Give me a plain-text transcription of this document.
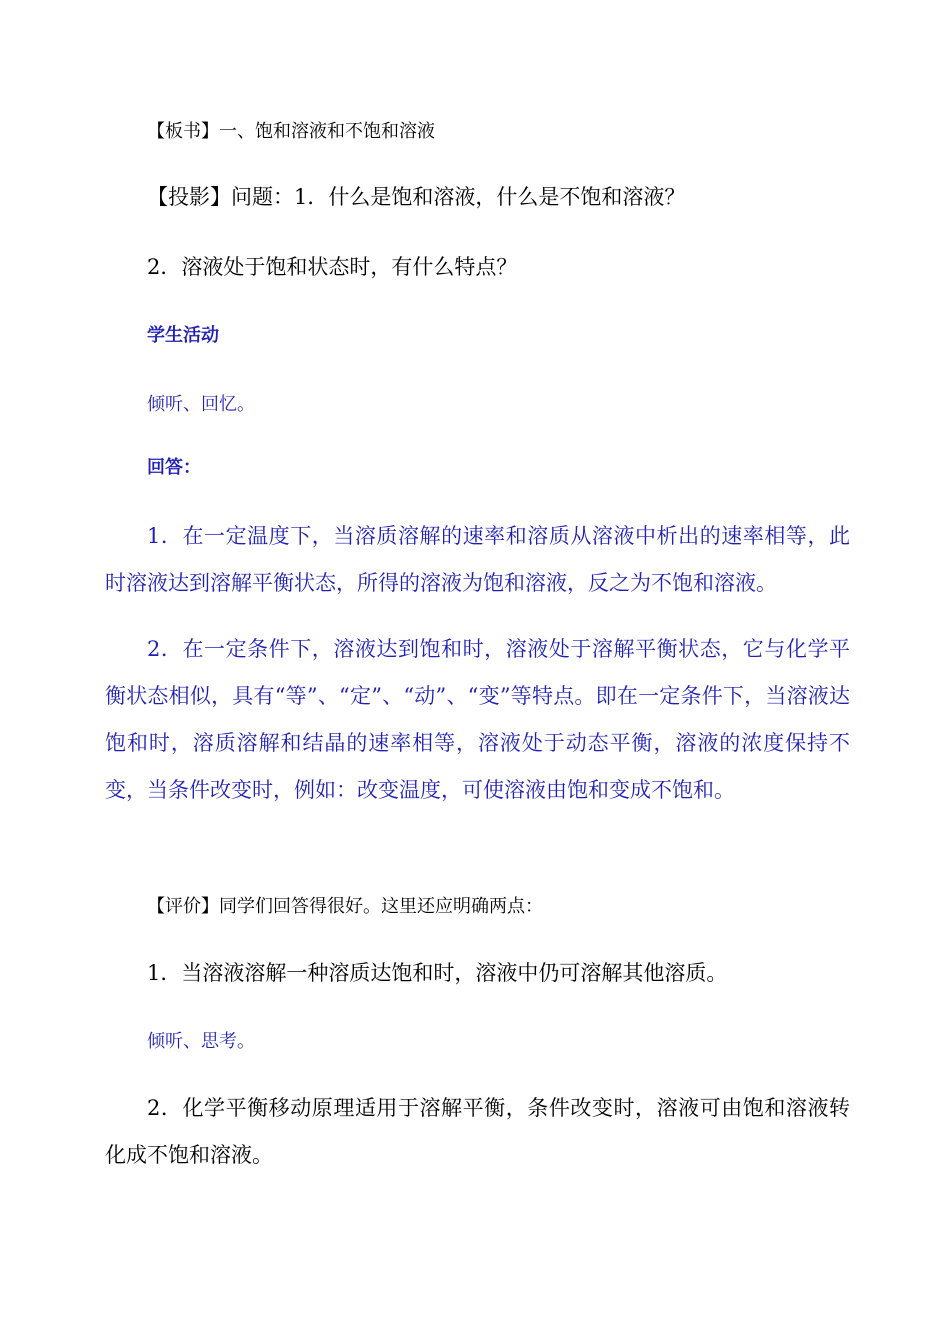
【板书】一、饱和溶液和不饱和溶液

【投影】问题：1．什么是饱和溶液，什么是不饱和溶液？

2．溶液处于饱和状态时，有什么特点？

学生活动

倾听、回忆。

回答：

1．在一定温度下，当溶质溶解的速率和溶质从溶液中析出的速率相等，此时溶液达到溶解平衡状态，所得的溶液为饱和溶液，反之为不饱和溶液。

2．在一定条件下，溶液达到饱和时，溶液处于溶解平衡状态，它与化学平衡状态相似，具有“等”、“定”、“动”、“变”等特点。即在一定条件下，当溶液达饱和时，溶质溶解和结晶的速率相等，溶液处于动态平衡，溶液的浓度保持不变，当条件改变时，例如：改变温度，可使溶液由饱和变成不饱和。

【评价】同学们回答得很好。这里还应明确两点：

1．当溶液溶解一种溶质达饱和时，溶液中仍可溶解其他溶质。

倾听、思考。

2．化学平衡移动原理适用于溶解平衡，条件改变时，溶液可由饱和溶液转化成不饱和溶液。
